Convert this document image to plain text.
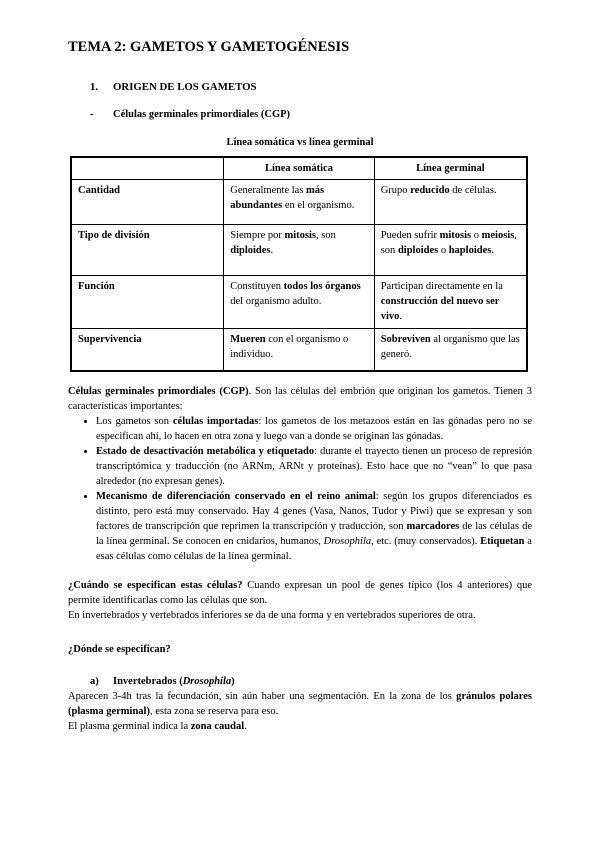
TEMA 2: GAMETOS Y GAMETOGÉNESIS
1. ORIGEN DE LOS GAMETOS
- Células germinales primordiales (CGP)
Línea somática vs línea germinal
	Línea somática	Línea germinal
Cantidad	Generalmente las más abundantes en el organismo.	Grupo reducido de células.
Tipo de división	Siempre por mitosis, son diploides.	Pueden sufrir mitosis o meiosis, son diploides o haploides.
Función	Constituyen todos los órganos del organismo adulto.	Participan directamente en la construcción del nuevo ser vivo.
Supervivencia	Mueren con el organismo o individuo.	Sobreviven al organismo que las generó.

Células germinales primordiales (CGP). Son las células del embrión que originan los gametos. Tienen 3 características importantes:

• Los gametos son células importadas: los gametos de los metazoos están en las gónadas pero no se especifican ahí, lo hacen en otra zona y luego van a donde se originan las gónadas.
• Estado de desactivación metabólica y etiquetado: durante el trayecto tienen un proceso de represión transcriptómica y traducción (no ARNm, ARNt y proteínas). Esto hace que no “vean” lo que pasa alrededor (no expresan genes).
• Mecanismo de diferenciación conservado en el reino animal: según los grupos diferenciados es distinto, pero está muy conservado. Hay 4 genes (Vasa, Nanos, Tudor y Piwi) que se expresan y son factores de transcripción que reprimen la transcripción y traducción, son marcadores de las células de la línea germinal. Se conocen en cnidarios, humanos, Drosophila, etc. (muy conservados). Etiquetan a esas células como células de la línea germinal.

¿Cuándo se especifican estas células? Cuando expresan un pool de genes típico (los 4 anteriores) que permite identificarlas como las células que son.

En invertebrados y vertebrados inferiores se da de una forma y en vertebrados superiores de otra.

¿Dónde se especifican?

a) Invertebrados (Drosophila)

Aparecen 3-4h tras la fecundación, sin aún haber una segmentación. En la zona de los gránulos polares (plasma germinal), esta zona se reserva para eso.

El plasma germinal indica la zona caudal.
